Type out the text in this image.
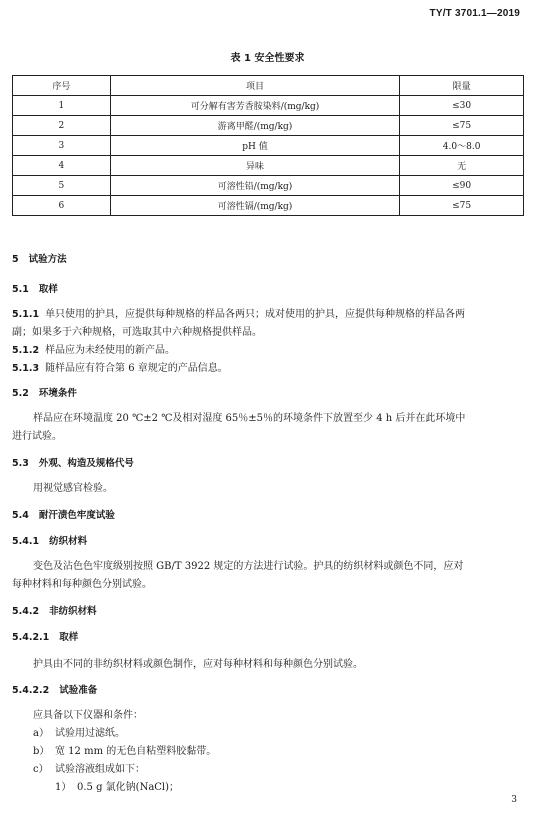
TY/T 3701.1—2019
表 1 安全性要求
序号	项目	限量
1	可分解有害芳香胺染料/(mg/kg)	≤30
2	游离甲醛/(mg/kg)	≤75
3	pH 值	4.0～8.0
4	异味	无
5	可溶性铅/(mg/kg)	≤90
6	可溶性镉/(mg/kg)	≤75
5 试验方法
5.1 取样
5.1.1 单只使用的护具，应提供每种规格的样品各两只；成对使用的护具，应提供每种规格的样品各两
副；如果多于六种规格，可选取其中六种规格提供样品。
5.1.2 样品应为未经使用的新产品。
5.1.3 随样品应有符合第 6 章规定的产品信息。
5.2 环境条件
样品应在环境温度 20 ℃±2 ℃及相对湿度 65％±5％的环境条件下放置至少 4 h 后并在此环境中
进行试验。
5.3 外观、构造及规格代号
用视觉感官检验。
5.4 耐汗渍色牢度试验
5.4.1 纺织材料
变色及沾色色牢度级别按照 GB/T 3922 规定的方法进行试验。护具的纺织材料或颜色不同，应对
每种材料和每种颜色分别试验。
5.4.2 非纺织材料
5.4.2.1 取样
护具由不同的非纺织材料或颜色制作，应对每种材料和每种颜色分别试验。
5.4.2.2 试验准备
应具备以下仪器和条件：
a） 试验用过滤纸。
b） 宽 12 mm 的无色自粘塑料胶黏带。
c） 试验溶液组成如下：
1） 0.5 g 氯化钠(NaCl)；
3
